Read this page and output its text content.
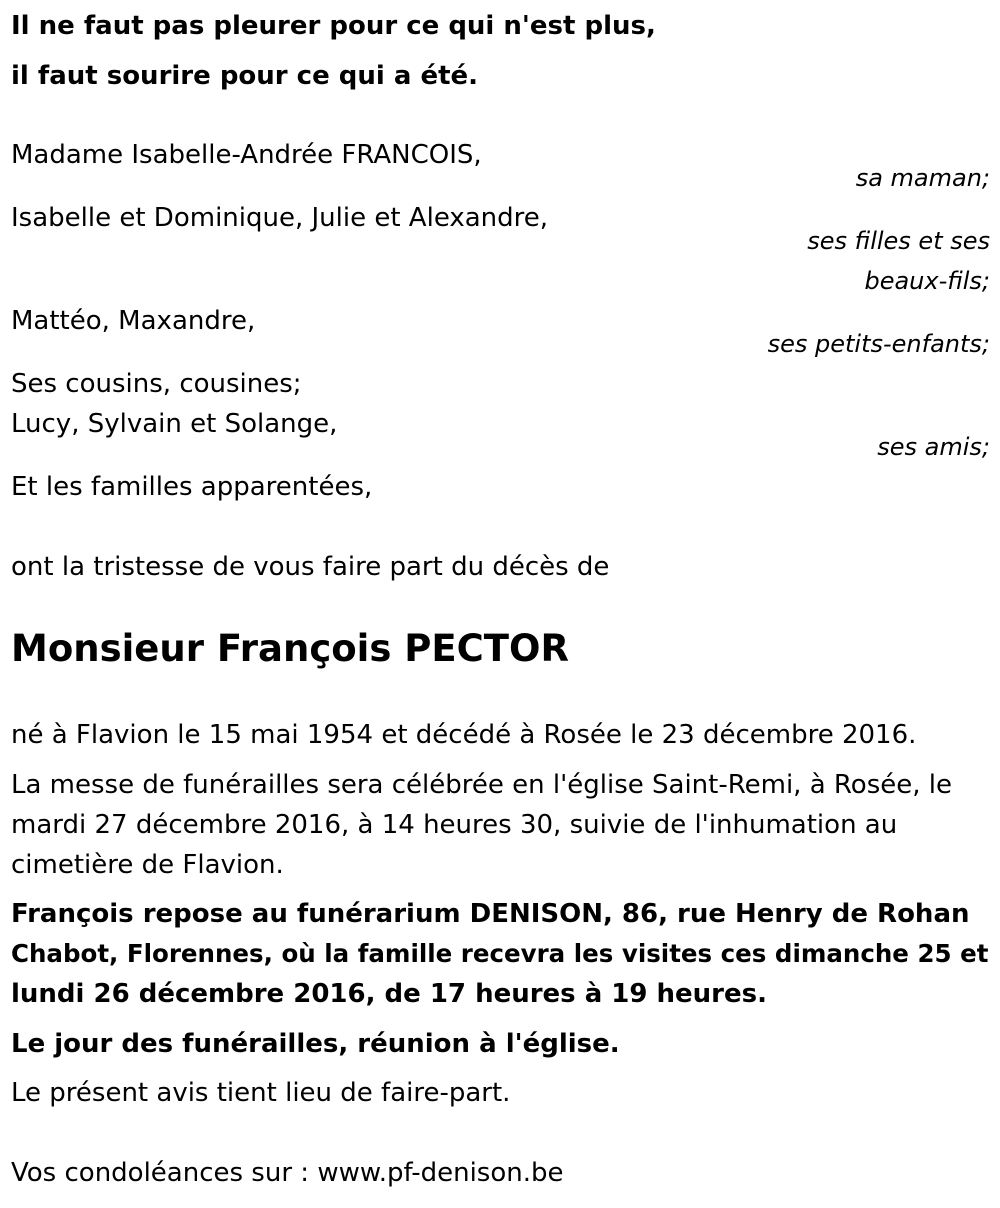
Il ne faut pas pleurer pour ce qui n'est plus,

il faut sourire pour ce qui a été.

Madame Isabelle-Andrée FRANCOIS,

sa maman;

Isabelle et Dominique, Julie et Alexandre,

ses filles et ses
beaux-fils;

Mattéo, Maxandre,

ses petits-enfants;

Ses cousins, cousines;

Lucy, Sylvain et Solange,

ses amis;

Et les familles apparentées,

ont la tristesse de vous faire part du décès de

Monsieur François PECTOR

né à Flavion le 15 mai 1954 et décédé à Rosée le 23 décembre 2016.

La messe de funérailles sera célébrée en l'église Saint-Remi, à Rosée, le

mardi 27 décembre 2016, à 14 heures 30, suivie de l'inhumation au

cimetière de Flavion.

François repose au funérarium DENISON, 86, rue Henry de Rohan

Chabot, Florennes, où la famille recevra les visites ces dimanche 25 et

lundi 26 décembre 2016, de 17 heures à 19 heures.

Le jour des funérailles, réunion à l'église.

Le présent avis tient lieu de faire-part.

Vos condoléances sur : www.pf-denison.be
